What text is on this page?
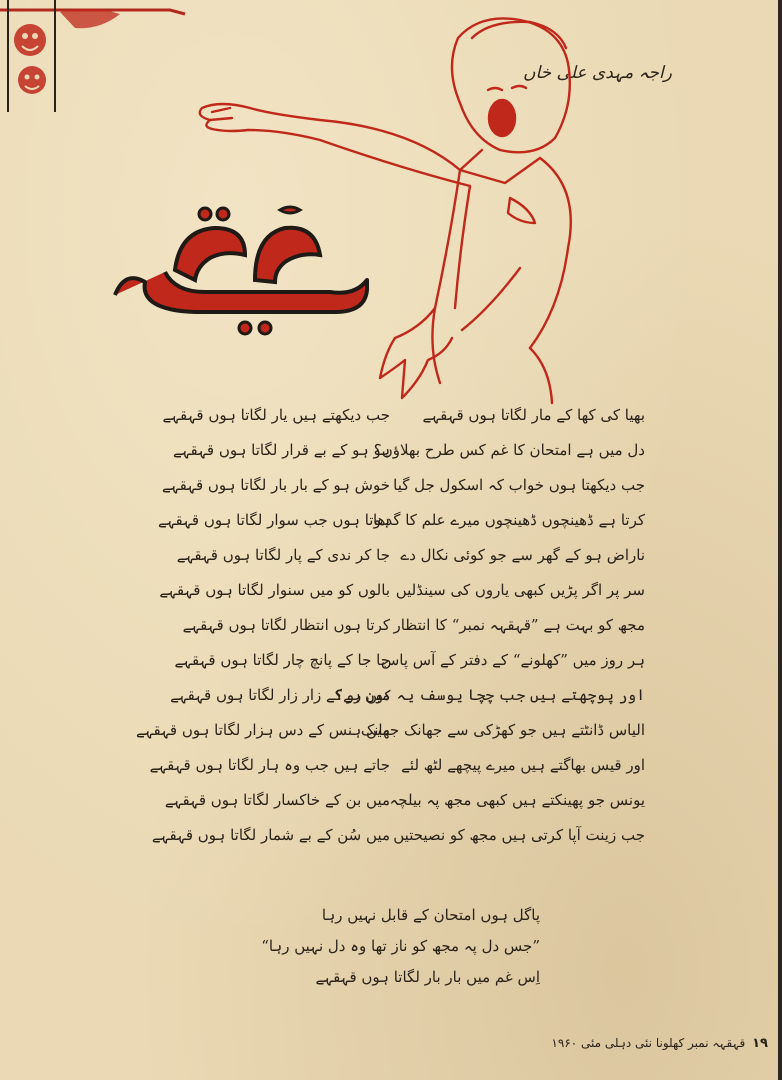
راجہ مہدی علی خاں
بھیا کی کھا کے مار لگاتا ہوں قہقہے
جب دیکھتے ہیں یار لگاتا ہوں قہقہے
دل میں ہے امتحان کا غم کس طرح بھلاؤں؟
ہو ہو کے بے قرار لگاتا ہوں قہقہے
جب دیکھتا ہوں خواب کہ اسکول جل گیا
خوش ہو کے بار بار لگاتا ہوں قہقہے
کرتا ہے ڈھینچوں ڈھینچوں میرے علم کا گدھا
ہوتا ہوں جب سوار لگاتا ہوں قہقہے
ناراض ہو کے گھر سے جو کوئی نکال دے
جا کر ندی کے پار لگاتا ہوں قہقہے
سر پر اگر پڑیں کبھی یاروں کی سینڈلیں
بالوں کو میں سنوار لگاتا ہوں قہقہے
مجھ کو بہت ہے ”قہقہہ نمبر“ کا انتظار
کرتا ہوں انتظار لگاتا ہوں قہقہے
ہر روز میں ”کھلونے“ کے دفتر کے آس پاس
جا جا کے پانچ چار لگاتا ہوں قہقہے
اور پوچھتے ہیں جب چچا یوسف یہ کون ہے؟
میں رو کے زار زار لگاتا ہوں قہقہے
الیاس ڈانٹتے ہیں جو کھڑکی سے جھانک جھانک
میں ہنس کے دس ہزار لگاتا ہوں قہقہے
اور قیس بھاگتے ہیں میرے پیچھے لٹھ لئے
جاتے ہیں جب وہ ہار لگاتا ہوں قہقہے
یونس جو پھینکتے ہیں کبھی مجھ پہ بیلچہ
میں بن کے خاکسار لگاتا ہوں قہقہے
جب زینت آپا کرتی ہیں مجھ کو نصیحتیں
میں سُن کے بے شمار لگاتا ہوں قہقہے
پاگل ہوں امتحان کے قابل نہیں رہا
”جس دل پہ مجھ کو ناز تھا وہ دل نہیں رہا“
اِس غم میں بار بار لگاتا ہوں قہقہے
۱۹ قہقہہ نمبر کھلونا نئی دہلی مئی ۱۹۶۰
